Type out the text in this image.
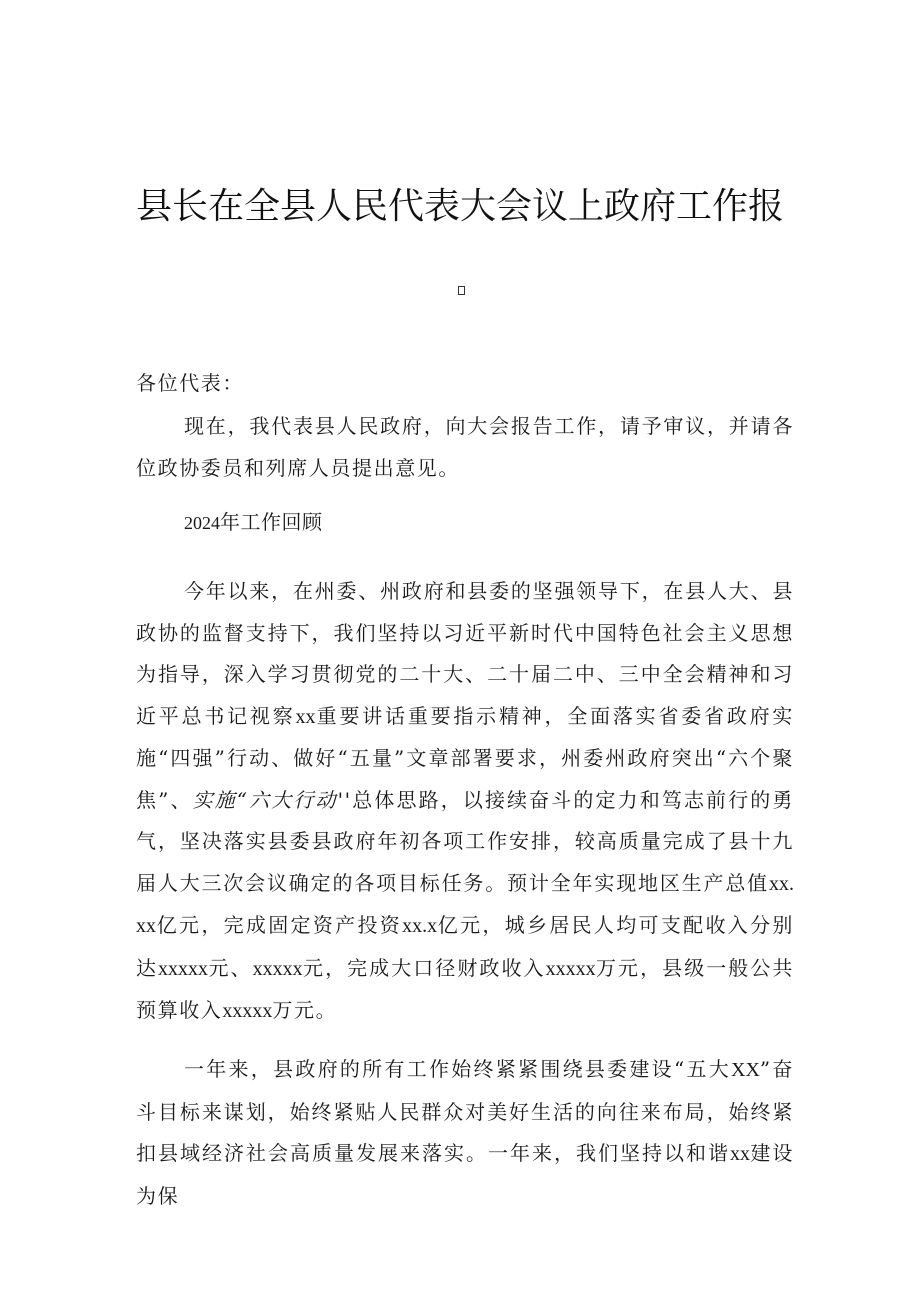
县长在全县人民代表大会议上政府工作报
各位代表：
现在，我代表县人民政府，向大会报告工作，请予审议，并请各位政协委员和列席人员提出意见。
2024年工作回顾
今年以来，在州委、州政府和县委的坚强领导下，在县人大、县政协的监督支持下，我们坚持以习近平新时代中国特色社会主义思想为指导，深入学习贯彻党的二十大、二十届二中、三中全会精神和习近平总书记视察xx重要讲话重要指示精神，全面落实省委省政府实施“四强”行动、做好“五量”文章部署要求，州委州政府突出“六个聚焦”、实施“六大行动''总体思路，以接续奋斗的定力和笃志前行的勇气，坚决落实县委县政府年初各项工作安排，较高质量完成了县十九届人大三次会议确定的各项目标任务。预计全年实现地区生产总值xx.xx亿元，完成固定资产投资xx.x亿元，城乡居民人均可支配收入分别达xxxxx元、xxxxx元，完成大口径财政收入xxxxx万元，县级一般公共预算收入xxxxx万元。
一年来，县政府的所有工作始终紧紧围绕县委建设“五大XX”奋斗目标来谋划，始终紧贴人民群众对美好生活的向往来布局，始终紧扣县域经济社会高质量发展来落实。一年来，我们坚持以和谐xx建设为保
